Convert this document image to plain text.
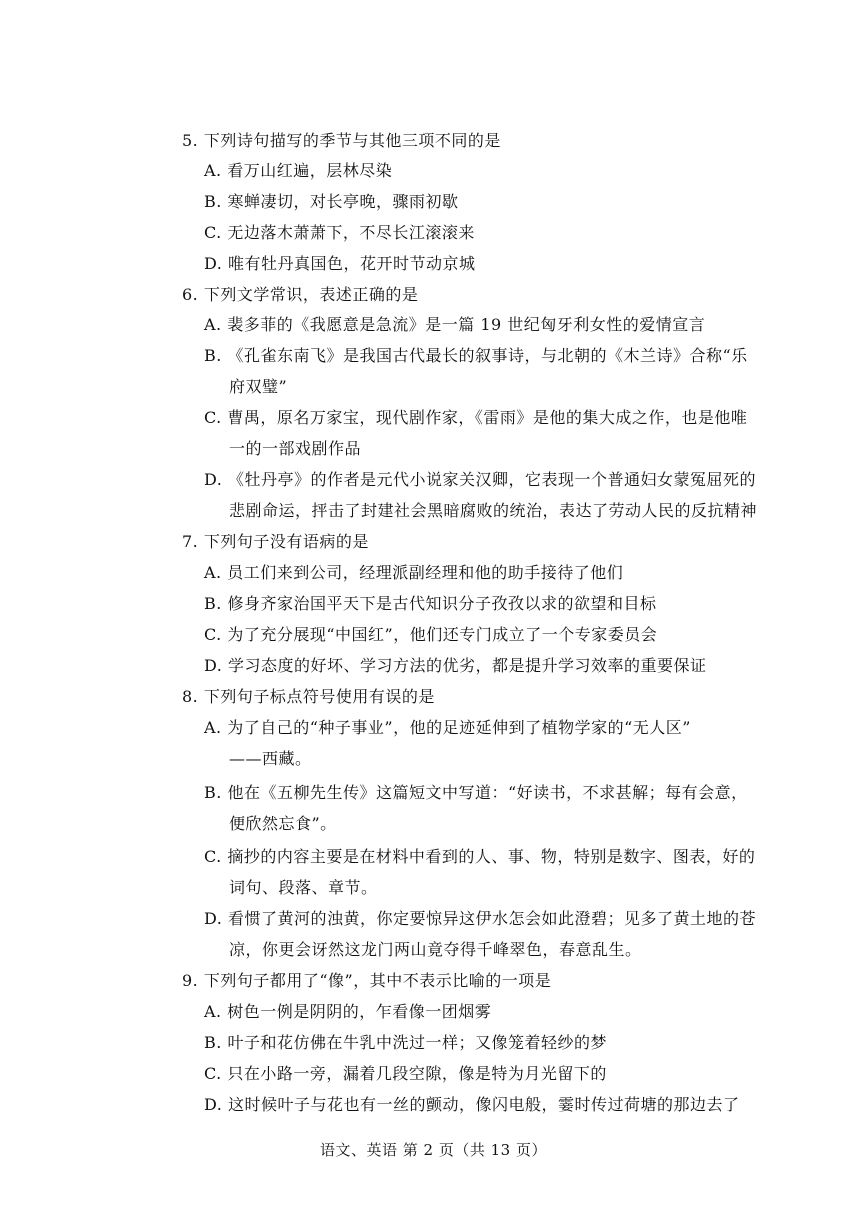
5. 下列诗句描写的季节与其他三项不同的是
A. 看万山红遍，层林尽染
B. 寒蝉凄切，对长亭晚，骤雨初歇
C. 无边落木萧萧下，不尽长江滚滚来
D. 唯有牡丹真国色，花开时节动京城
6. 下列文学常识，表述正确的是
A. 裴多菲的《我愿意是急流》是一篇 19 世纪匈牙利女性的爱情宣言
B. 《孔雀东南飞》是我国古代最长的叙事诗，与北朝的《木兰诗》合称“乐
府双璧”
C. 曹禺，原名万家宝，现代剧作家，《雷雨》是他的集大成之作，也是他唯
一的一部戏剧作品
D. 《牡丹亭》的作者是元代小说家关汉卿，它表现一个普通妇女蒙冤屈死的
悲剧命运，抨击了封建社会黑暗腐败的统治，表达了劳动人民的反抗精神
7. 下列句子没有语病的是
A. 员工们来到公司，经理派副经理和他的助手接待了他们
B. 修身齐家治国平天下是古代知识分子孜孜以求的欲望和目标
C. 为了充分展现“中国红”，他们还专门成立了一个专家委员会
D. 学习态度的好坏、学习方法的优劣，都是提升学习效率的重要保证
8. 下列句子标点符号使用有误的是
A. 为了自己的“种子事业”，他的足迹延伸到了植物学家的“无人区”
——西藏。
B. 他在《五柳先生传》这篇短文中写道：“好读书，不求甚解；每有会意，
便欣然忘食”。
C. 摘抄的内容主要是在材料中看到的人、事、物，特别是数字、图表，好的
词句、段落、章节。
D. 看惯了黄河的浊黄，你定要惊异这伊水怎会如此澄碧；见多了黄土地的苍
凉，你更会讶然这龙门两山竟夺得千峰翠色，春意乱生。
9. 下列句子都用了“像”，其中不表示比喻的一项是
A. 树色一例是阴阴的，乍看像一团烟雾
B. 叶子和花仿佛在牛乳中洗过一样；又像笼着轻纱的梦
C. 只在小路一旁，漏着几段空隙，像是特为月光留下的
D. 这时候叶子与花也有一丝的颤动，像闪电般，霎时传过荷塘的那边去了
语文、英语 第 2 页（共 13 页）
